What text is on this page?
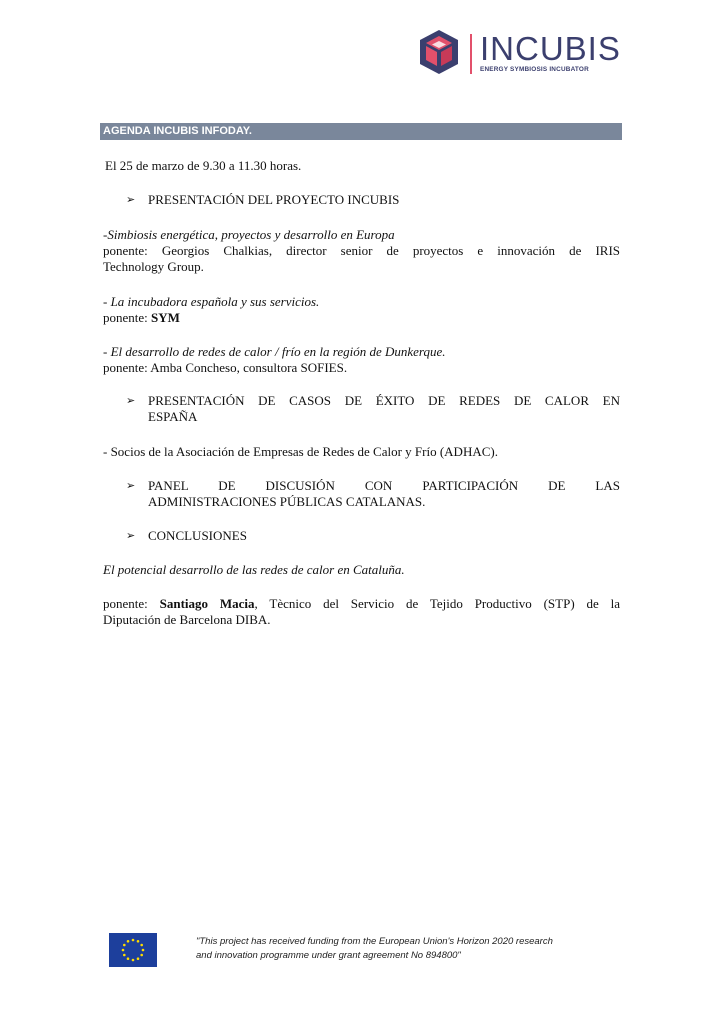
INCUBIS
ENERGY SYMBIOSIS INCUBATOR
AGENDA INCUBIS INFODAY.
El 25 de marzo de 9.30 a 11.30 horas.
➢ PRESENTACIÓN DEL PROYECTO INCUBIS
-Simbiosis energética, proyectos y desarrollo en Europa
ponente: Georgios Chalkias, director senior de proyectos e innovación de IRIS
Technology Group.
- La incubadora española y sus servicios.
ponente: SYM
- El desarrollo de redes de calor / frío en la región de Dunkerque.
ponente: Amba Concheso, consultora SOFIES.
➢ PRESENTACIÓN DE CASOS DE ÉXITO DE REDES DE CALOR EN
ESPAÑA
- Socios de la Asociación de Empresas de Redes de Calor y Frío (ADHAC).
➢ PANEL DE DISCUSIÓN CON PARTICIPACIÓN DE LAS
ADMINISTRACIONES PÚBLICAS CATALANAS.
➢ CONCLUSIONES
El potencial desarrollo de las redes de calor en Cataluña.
ponente: Santiago Macia, Tècnico del Servicio de Tejido Productivo (STP) de la
Diputación de Barcelona DIBA.
"This project has received funding from the European Union's Horizon 2020 research
and innovation programme under grant agreement No 894800"
